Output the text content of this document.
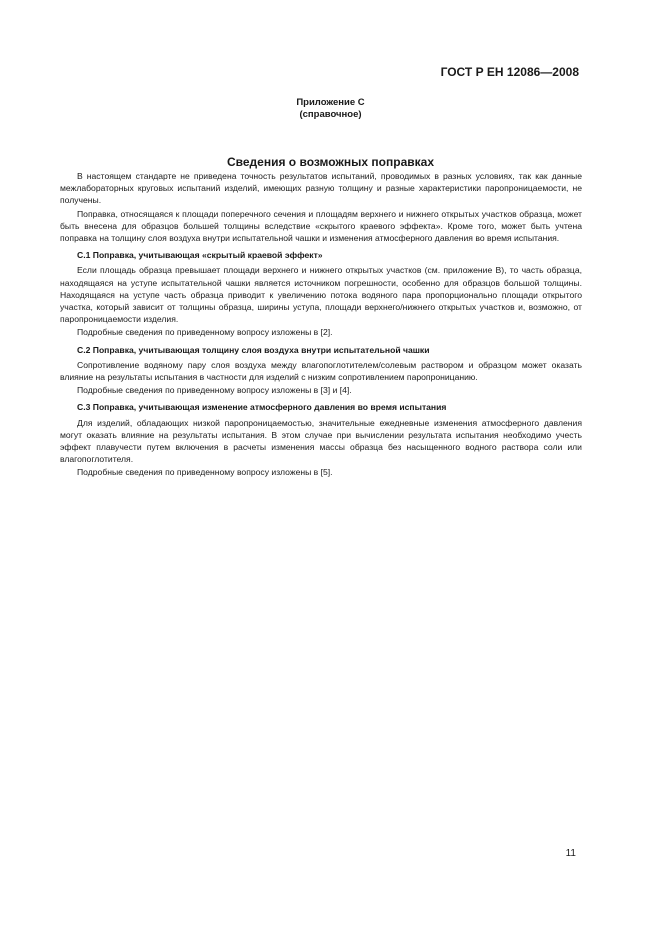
ГОСТ Р ЕН 12086—2008
Приложение С
(справочное)
Сведения о возможных поправках

В настоящем стандарте не приведена точность результатов испытаний, проводимых в разных условиях, так как данные межлабораторных круговых испытаний изделий, имеющих разную толщину и разные характеристики паропроницаемости, не получены.

Поправка, относящаяся к площади поперечного сечения и площадям верхнего и нижнего открытых участков образца, может быть внесена для образцов большей толщины вследствие «скрытого краевого эффекта». Кроме того, может быть учтена поправка на толщину слоя воздуха внутри испытательной чашки и изменения атмосферного давления во время испытания.

С.1 Поправка, учитывающая «скрытый краевой эффект»

Если площадь образца превышает площади верхнего и нижнего открытых участков (см. приложение В), то часть образца, находящаяся на уступе испытательной чашки является источником погрешности, особенно для образцов большой толщины. Находящаяся на уступе часть образца приводит к увеличению потока водяного пара пропорционально площади открытого участка, который зависит от толщины образца, ширины уступа, площади верхнего/нижнего открытых участков и, возможно, от паропроницаемости изделия.

Подробные сведения по приведенному вопросу изложены в [2].

С.2 Поправка, учитывающая толщину слоя воздуха внутри испытательной чашки

Сопротивление водяному пару слоя воздуха между влагопоглотителем/солевым раствором и образцом может оказать влияние на результаты испытания в частности для изделий с низким сопротивлением паропроницанию.

Подробные сведения по приведенному вопросу изложены в [3] и [4].

С.3 Поправка, учитывающая изменение атмосферного давления во время испытания

Для изделий, обладающих низкой паропроницаемостью, значительные ежедневные изменения атмосферного давления могут оказать влияние на результаты испытания. В этом случае при вычислении результата испытания необходимо учесть эффект плавучести путем включения в расчеты изменения массы образца без насыщенного водного раствора соли или влагопоглотителя.

Подробные сведения по приведенному вопросу изложены в [5].

11
